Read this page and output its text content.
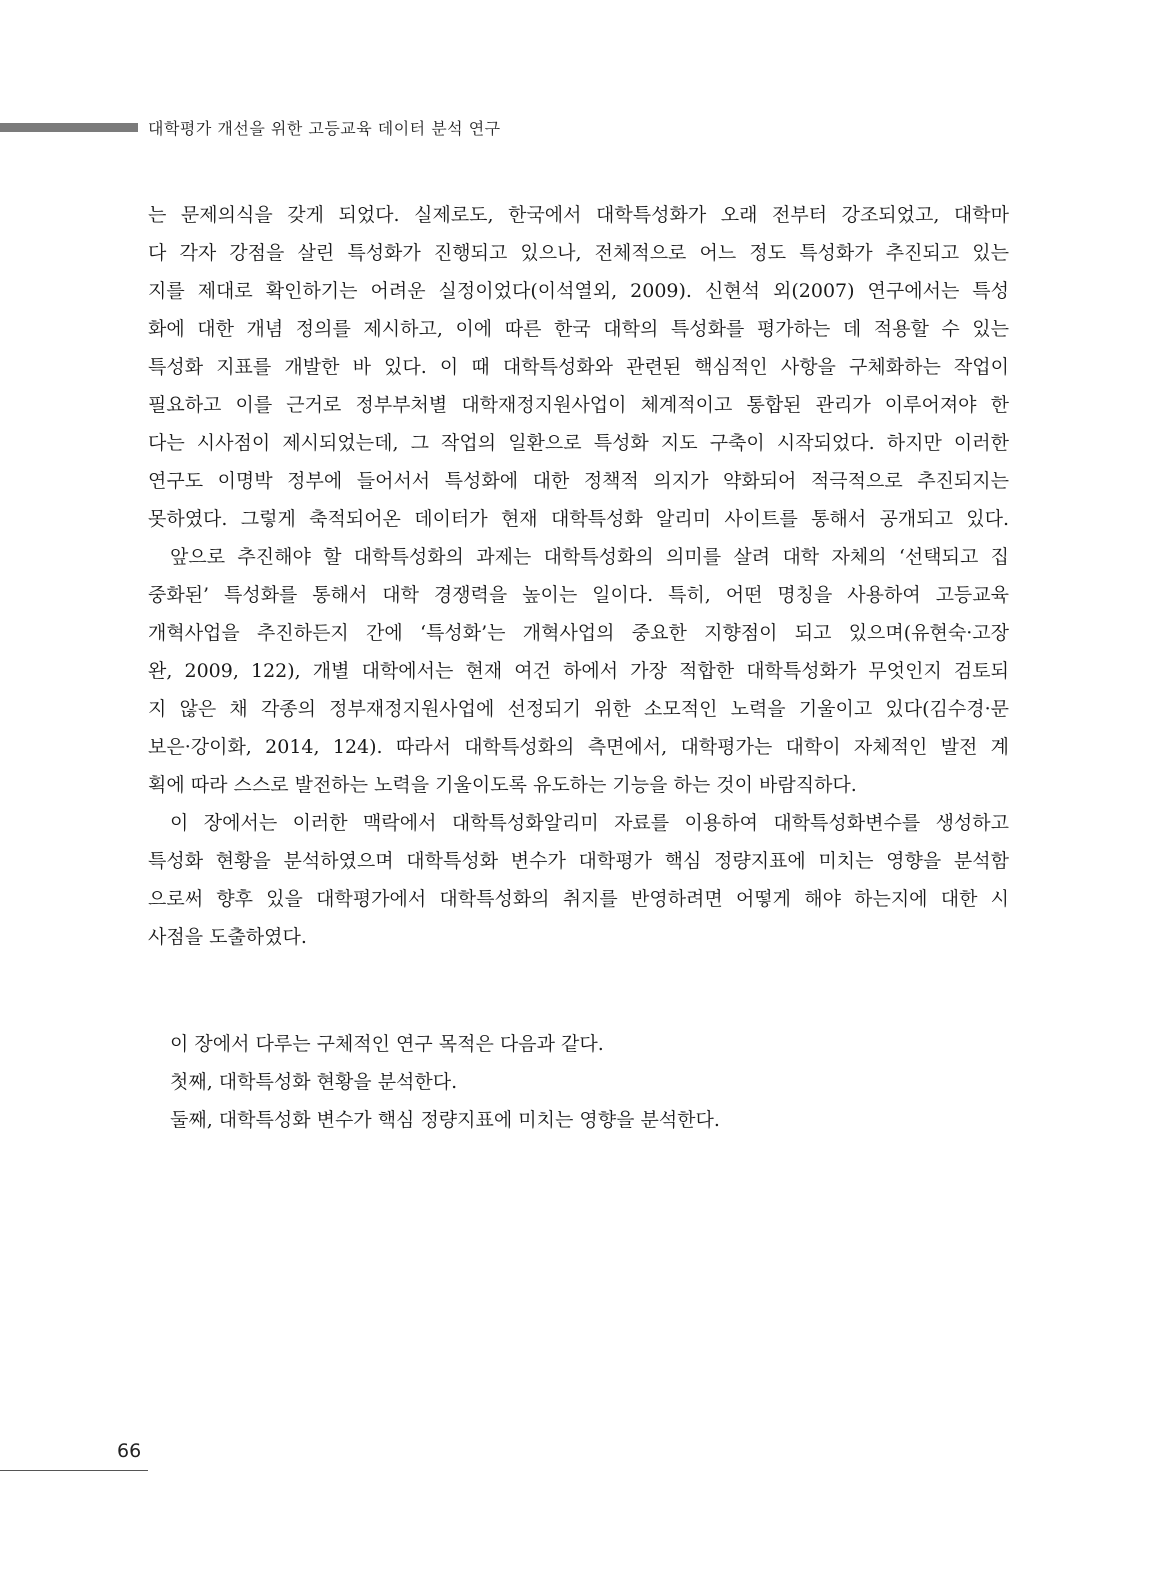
대학평가 개선을 위한 고등교육 데이터 분석 연구
는 문제의식을 갖게 되었다. 실제로도, 한국에서 대학특성화가 오래 전부터 강조되었고, 대학마
다 각자 강점을 살린 특성화가 진행되고 있으나, 전체적으로 어느 정도 특성화가 추진되고 있는
지를 제대로 확인하기는 어려운 실정이었다(이석열외, 2009). 신현석 외(2007) 연구에서는 특성
화에 대한 개념 정의를 제시하고, 이에 따른 한국 대학의 특성화를 평가하는 데 적용할 수 있는
특성화 지표를 개발한 바 있다. 이 때 대학특성화와 관련된 핵심적인 사항을 구체화하는 작업이
필요하고 이를 근거로 정부부처별 대학재정지원사업이 체계적이고 통합된 관리가 이루어져야 한
다는 시사점이 제시되었는데, 그 작업의 일환으로 특성화 지도 구축이 시작되었다. 하지만 이러한
연구도 이명박 정부에 들어서서 특성화에 대한 정책적 의지가 약화되어 적극적으로 추진되지는
못하였다. 그렇게 축적되어온 데이터가 현재 대학특성화 알리미 사이트를 통해서 공개되고 있다.
앞으로 추진해야 할 대학특성화의 과제는 대학특성화의 의미를 살려 대학 자체의 ‘선택되고 집
중화된’ 특성화를 통해서 대학 경쟁력을 높이는 일이다. 특히, 어떤 명칭을 사용하여 고등교육
개혁사업을 추진하든지 간에 ‘특성화’는 개혁사업의 중요한 지향점이 되고 있으며(유현숙·고장
완, 2009, 122), 개별 대학에서는 현재 여건 하에서 가장 적합한 대학특성화가 무엇인지 검토되
지 않은 채 각종의 정부재정지원사업에 선정되기 위한 소모적인 노력을 기울이고 있다(김수경·문
보은·강이화, 2014, 124). 따라서 대학특성화의 측면에서, 대학평가는 대학이 자체적인 발전 계
획에 따라 스스로 발전하는 노력을 기울이도록 유도하는 기능을 하는 것이 바람직하다.
이 장에서는 이러한 맥락에서 대학특성화알리미 자료를 이용하여 대학특성화변수를 생성하고
특성화 현황을 분석하였으며 대학특성화 변수가 대학평가 핵심 정량지표에 미치는 영향을 분석함
으로써 향후 있을 대학평가에서 대학특성화의 취지를 반영하려면 어떻게 해야 하는지에 대한 시
사점을 도출하였다.
이 장에서 다루는 구체적인 연구 목적은 다음과 같다.
첫째, 대학특성화 현황을 분석한다.
둘째, 대학특성화 변수가 핵심 정량지표에 미치는 영향을 분석한다.
66
